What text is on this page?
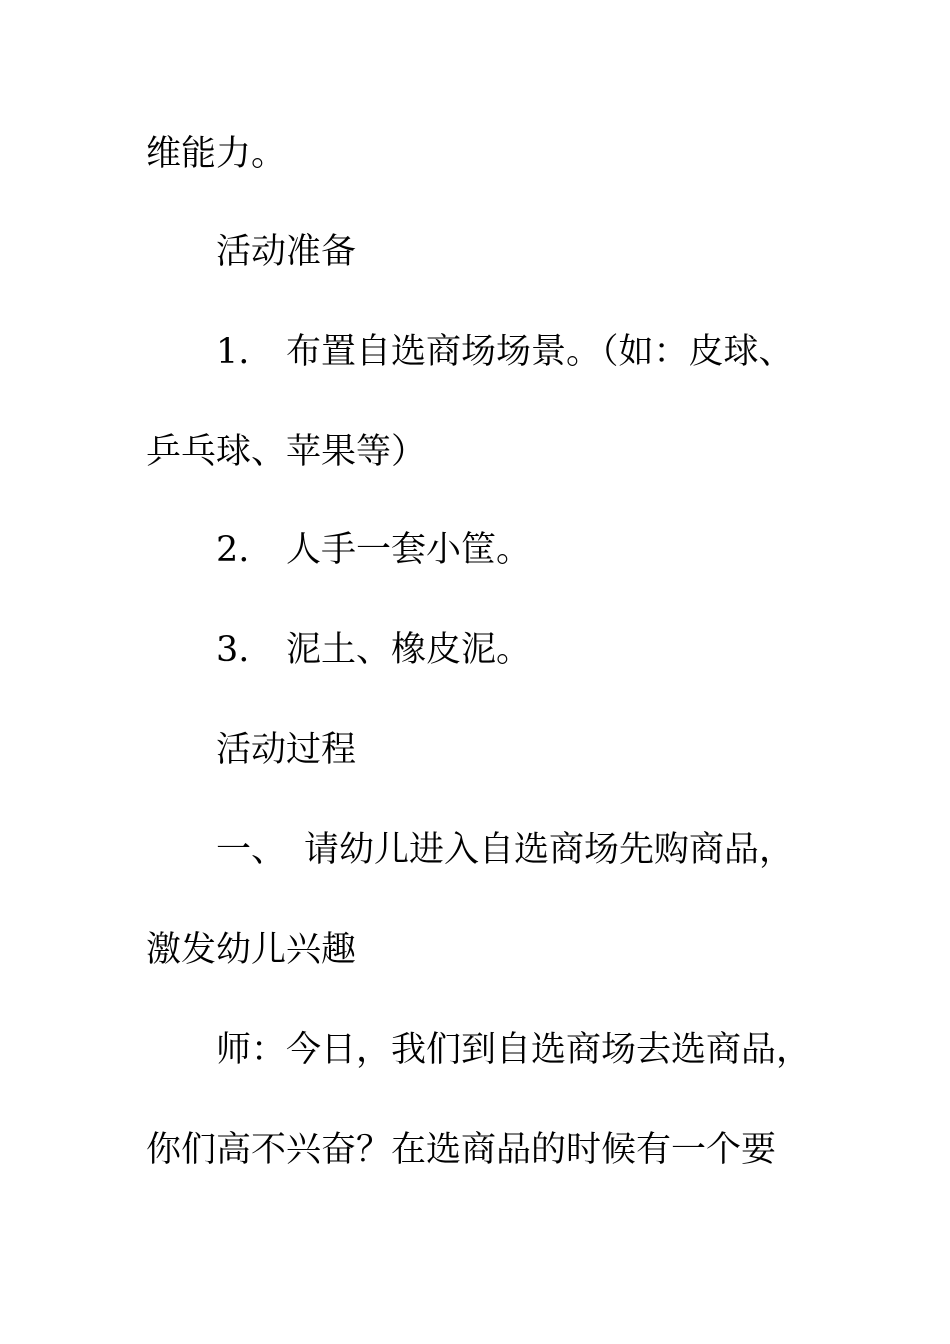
维能力。
活动准备
1. 布置自选商场场景。（如：皮球、
乒乓球、苹果等）
2. 人手一套小筐。
3. 泥土、橡皮泥。
活动过程
一、 请幼儿进入自选商场先购商品，
激发幼儿兴趣
师：今日，我们到自选商场去选商品，
你们高不兴奋？在选商品的时候有一个要
